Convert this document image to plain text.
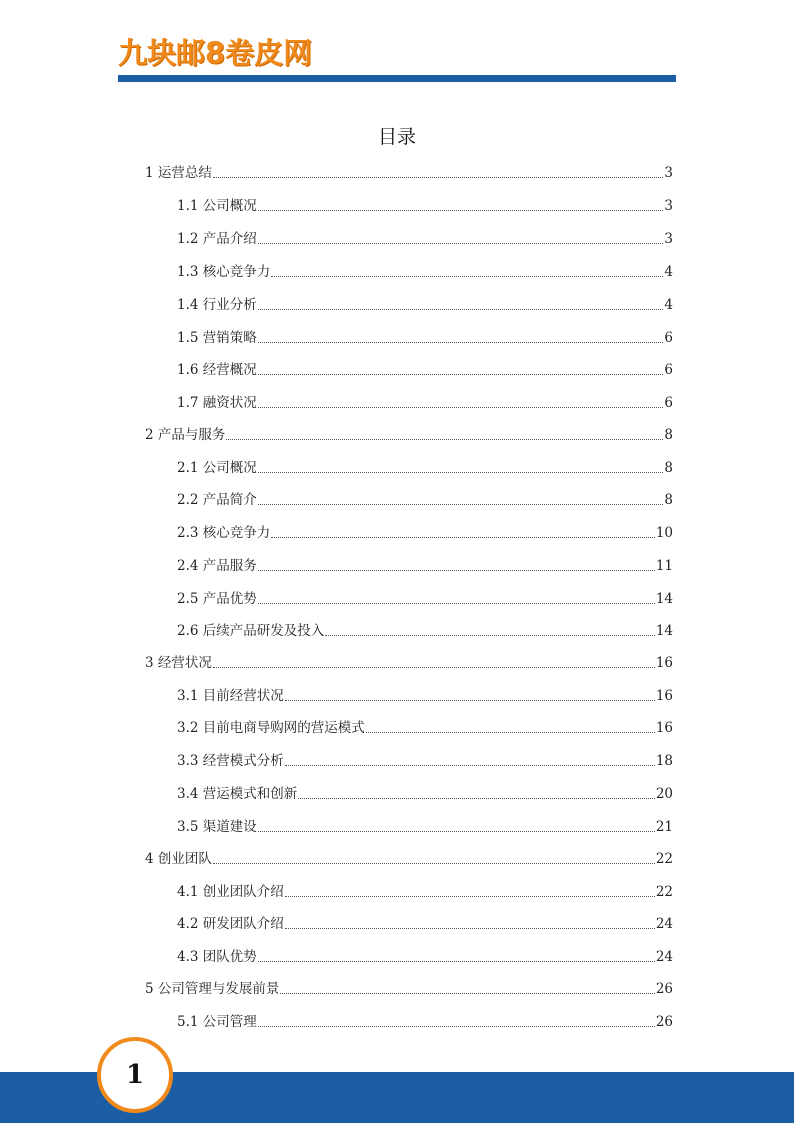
九块邮8卷皮网
目录
1 运营总结	3
1.1 公司概况	3
1.2 产品介绍	3
1.3 核心竞争力	4
1.4 行业分析	4
1.5 营销策略	6
1.6 经营概况	6
1.7 融资状况	6
2 产品与服务	8
2.1 公司概况	8
2.2 产品简介	8
2.3 核心竞争力	10
2.4 产品服务	11
2.5 产品优势	14
2.6 后续产品研发及投入	14
3 经营状况	16
3.1 目前经营状况	16
3.2 目前电商导购网的营运模式	16
3.3 经营模式分析	18
3.4 营运模式和创新	20
3.5 渠道建设	21
4 创业团队	22
4.1 创业团队介绍	22
4.2 研发团队介绍	24
4.3 团队优势	24
5 公司管理与发展前景	26
5.1 公司管理	26
1
